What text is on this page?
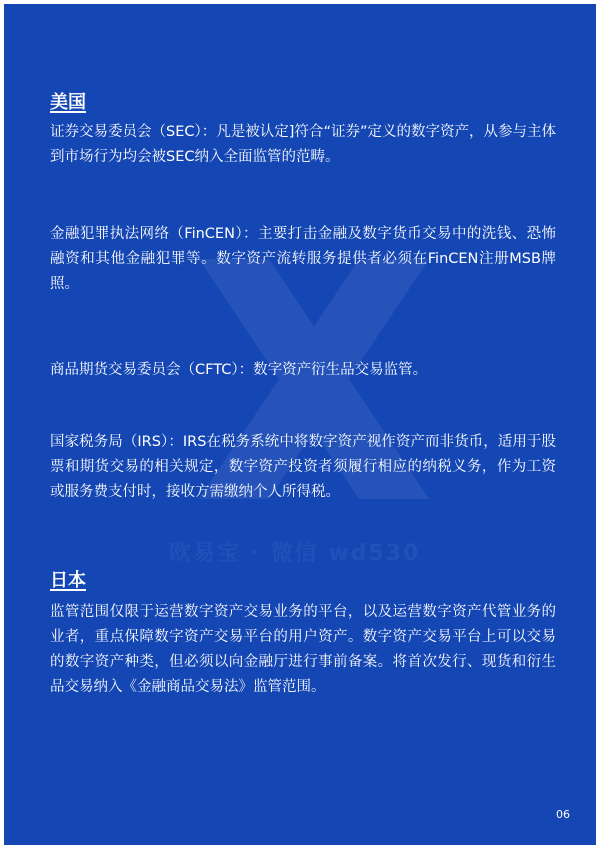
欧易宝 · 微信 wd530
美国
证券交易委员会（SEC）：凡是被认定]符合“证券”定义的数字资产，从参与主体到市场行为均会被SEC纳入全面监管的范畴。
金融犯罪执法网络（FinCEN）：主要打击金融及数字货币交易中的洗钱、恐怖融资和其他金融犯罪等。数字资产流转服务提供者必须在FinCEN注册MSB牌照。
商品期货交易委员会（CFTC）：数字资产衍生品交易监管。
国家税务局（IRS）：IRS在税务系统中将数字资产视作资产而非货币，适用于股票和期货交易的相关规定，数字资产投资者须履行相应的纳税义务，作为工资或服务费支付时，接收方需缴纳个人所得税。
日本
监管范围仅限于运营数字资产交易业务的平台，以及运营数字资产代管业务的业者，重点保障数字资产交易平台的用户资产。数字资产交易平台上可以交易的数字资产种类，但必须以向金融厅进行事前备案。将首次发行、现货和衍生品交易纳入《金融商品交易法》监管范围。
06
